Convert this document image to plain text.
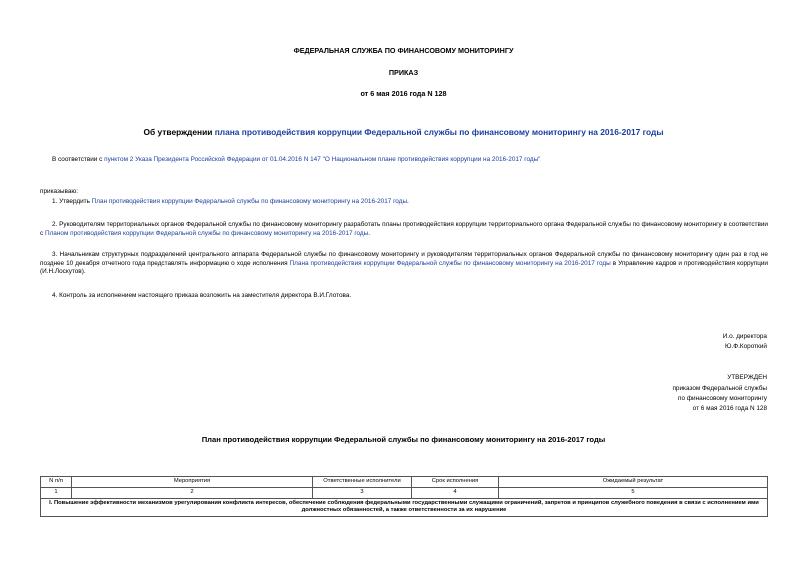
ФЕДЕРАЛЬНАЯ СЛУЖБА ПО ФИНАНСОВОМУ МОНИТОРИНГУ
ПРИКАЗ
от 6 мая 2016 года N 128
Об утверждении плана противодействия коррупции Федеральной службы по финансовому мониторингу на 2016-2017 годы
В соответствии с пунктом 2 Указа Президента Российской Федерации от 01.04.2016 N 147 "О Национальном плане противодействия коррупции на 2016-2017 годы"
приказываю:
1. Утвердить План противодействия коррупции Федеральной службы по финансовому мониторингу на 2016-2017 годы.
2. Руководителям территориальных органов Федеральной службы по финансовому мониторингу разработать планы противодействия коррупции территориального органа Федеральной службы по финансовому мониторингу в соответствии с Планом противодействия коррупции Федеральной службы по финансовому мониторингу на 2016-2017 годы.
3. Начальникам структурных подразделений центрального аппарата Федеральной службы по финансовому мониторингу и руководителям территориальных органов Федеральной службы по финансовому мониторингу один раз в год не позднее 10 декабря отчетного года представлять информацию о ходе исполнения Плана противодействия коррупции Федеральной службы по финансовому мониторингу на 2016-2017 годы в Управление кадров и противодействия коррупции (И.Н.Лоскутов).
4. Контроль за исполнением настоящего приказа возложить на заместителя директора В.И.Глотова.
И.о. директора
Ю.Ф.Короткий
УТВЕРЖДЕН
приказом Федеральной службы
по финансовому мониторингу
от 6 мая 2016 года N 128
План противодействия коррупции Федеральной службы по финансовому мониторингу на 2016-2017 годы
N п/п	Мероприятия	Ответственные исполнители	Срок исполнения	Ожидаемый результат
1	2	3	4	5
I. Повышение эффективности механизмов урегулирования конфликта интересов, обеспечение соблюдения федеральными государственными служащими ограничений, запретов и принципов служебного поведения в связи с исполнением ими должностных обязанностей, а также ответственности за их нарушение				
